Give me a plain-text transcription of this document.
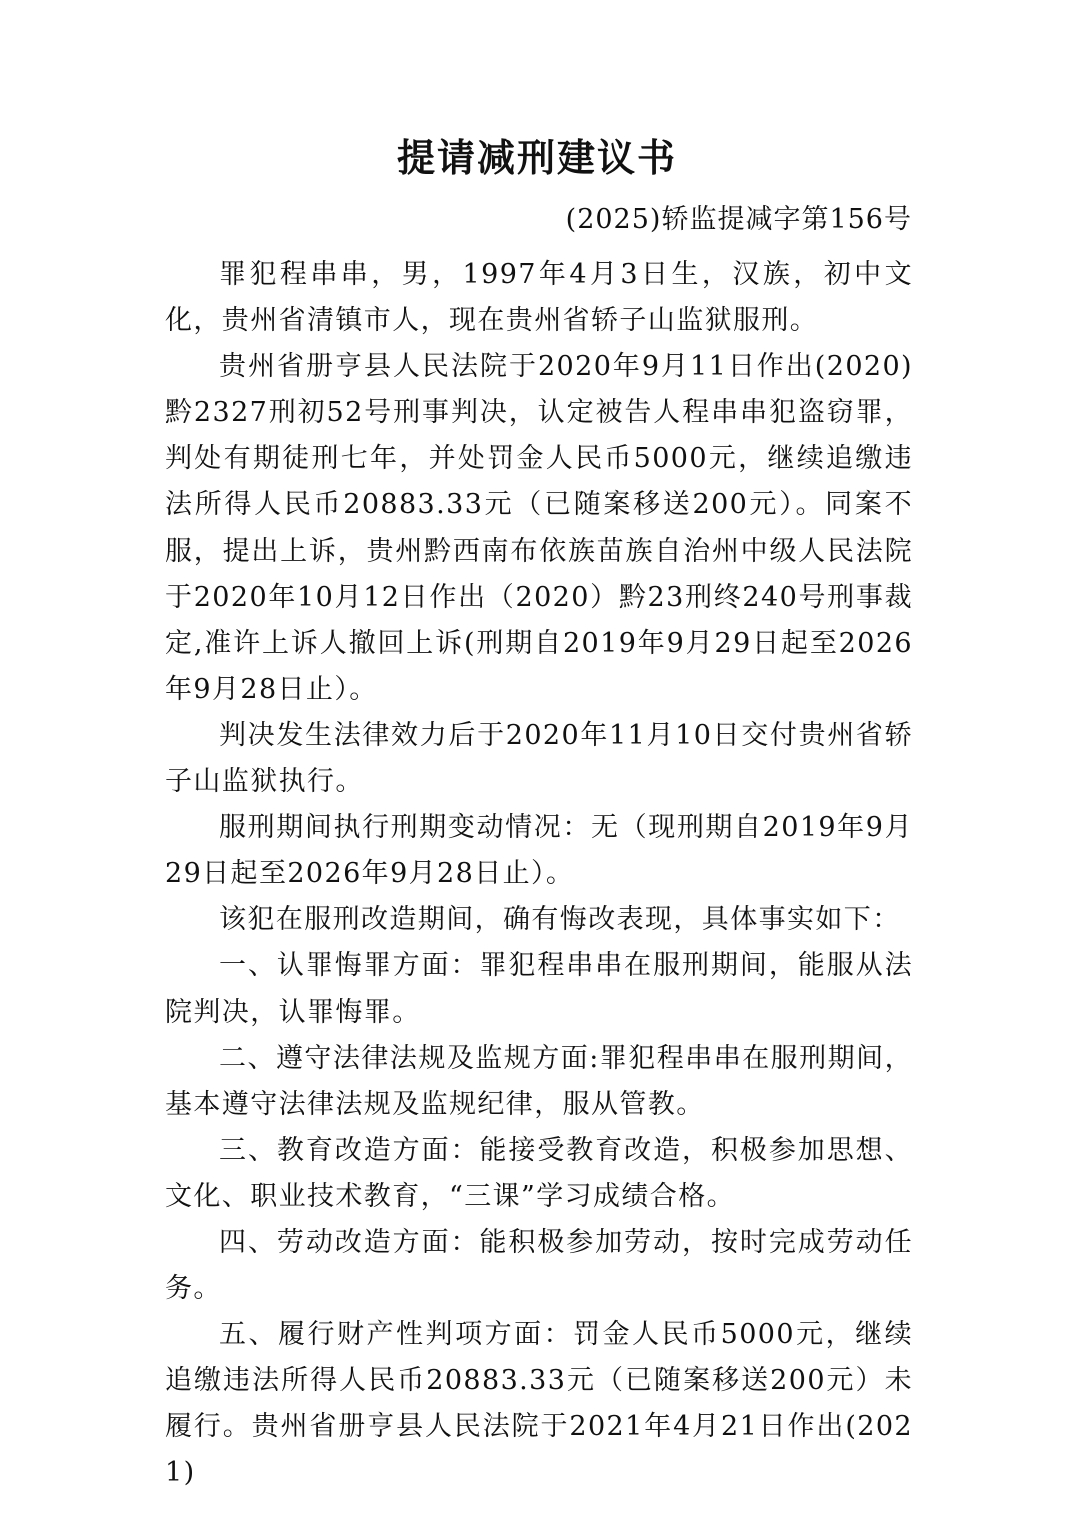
提请减刑建议书
(2025)轿监提减字第156号

罪犯程串串，男，1997年4月3日生，汉族，初中文化，贵州省清镇市人，现在贵州省轿子山监狱服刑。

贵州省册亨县人民法院于2020年9月11日作出(2020)黔2327刑初52号刑事判决，认定被告人程串串犯盗窃罪，判处有期徒刑七年，并处罚金人民币5000元，继续追缴违法所得人民币20883.33元（已随案移送200元）。同案不服，提出上诉，贵州黔西南布依族苗族自治州中级人民法院于2020年10月12日作出（2020）黔23刑终240号刑事裁定,准许上诉人撤回上诉(刑期自2019年9月29日起至2026年9月28日止）。

判决发生法律效力后于2020年11月10日交付贵州省轿子山监狱执行。

服刑期间执行刑期变动情况：无（现刑期自2019年9月29日起至2026年9月28日止）。

该犯在服刑改造期间，确有悔改表现，具体事实如下：

一、认罪悔罪方面：罪犯程串串在服刑期间，能服从法院判决，认罪悔罪。

二、遵守法律法规及监规方面:罪犯程串串在服刑期间，基本遵守法律法规及监规纪律，服从管教。

三、教育改造方面：能接受教育改造，积极参加思想、文化、职业技术教育，“三课”学习成绩合格。

四、劳动改造方面：能积极参加劳动，按时完成劳动任务。

五、履行财产性判项方面：罚金人民币5000元，继续追缴违法所得人民币20883.33元（已随案移送200元）未履行。贵州省册亨县人民法院于2021年4月21日作出(2021)
